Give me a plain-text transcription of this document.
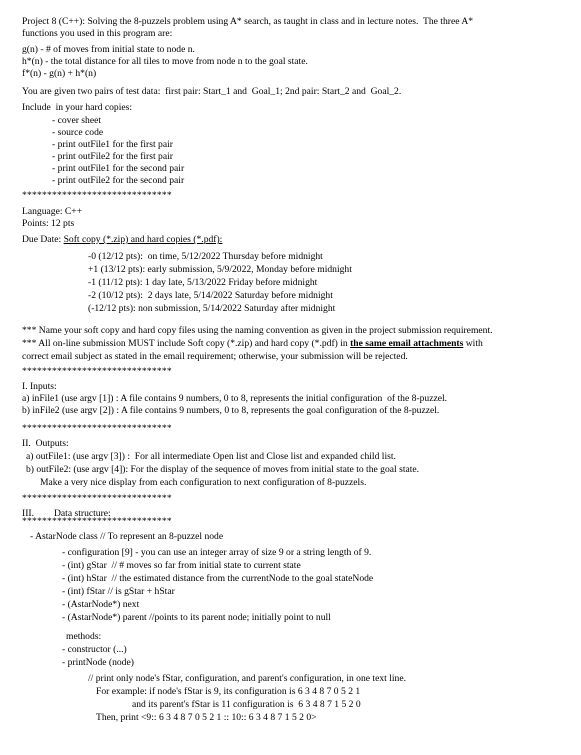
Project 8 (C++): Solving the 8-puzzels problem using A* search, as taught in class and in lecture notes.  The three A*
functions you used in this program are:
g(n) - # of moves from initial state to node n.
h*(n) - the total distance for all tiles to move from node n to the goal state.
f*(n) - g(n) + h*(n)
You are given two pairs of test data:  first pair: Start_1 and  Goal_1; 2nd pair: Start_2 and  Goal_2.
Include  in your hard copies:
- cover sheet
- source code
- print outFile1 for the first pair
- print outFile2 for the first pair
- print outFile1 for the second pair
- print outFile2 for the second pair
******************************
Language: C++
Points: 12 pts
Due Date: Soft copy (*.zip) and hard copies (*.pdf):
-0 (12/12 pts):  on time, 5/12/2022 Thursday before midnight
+1 (13/12 pts): early submission, 5/9/2022, Monday before midnight
-1 (11/12 pts): 1 day late, 5/13/2022 Friday before midnight
-2 (10/12 pts):  2 days late, 5/14/2022 Saturday before midnight
(-12/12 pts): non submission, 5/14/2022 Saturday after midnight
*** Name your soft copy and hard copy files using the naming convention as given in the project submission requirement.
*** All on-line submission MUST include Soft copy (*.zip) and hard copy (*.pdf) in the same email attachments with
correct email subject as stated in the email requirement; otherwise, your submission will be rejected.
******************************
I. Inputs:
a) inFile1 (use argv [1]) : A file contains 9 numbers, 0 to 8, represents the initial configuration  of the 8-puzzel.
b) inFile2 (use argv [2]) : A file contains 9 numbers, 0 to 8, represents the goal configuration of the 8-puzzel.
******************************
II.  Outputs:
a) outFile1: (use argv [3]) :  For all intermediate Open list and Close list and expanded child list.
b) outFile2: (use argv [4]): For the display of the sequence of moves from initial state to the goal state.
Make a very nice display from each configuration to next configuration of 8-puzzels.
******************************
III. Data structure:
******************************
- AstarNode class // To represent an 8-puzzel node
- configuration [9] - you can use an integer array of size 9 or a string length of 9.
- (int) gStar  // # moves so far from initial state to current state
- (int) hStar  // the estimated distance from the currentNode to the goal stateNode
- (int) fStar // is gStar + hStar
- (AstarNode*) next
- (AstarNode*) parent //points to its parent node; initially point to null
methods:
- constructor (...)
- printNode (node)
// print only node's fStar, configuration, and parent's configuration, in one text line.
For example: if node's fStar is 9, its configuration is 6 3 4 8 7 0 5 2 1
and its parent's fStar is 11 configuration is  6 3 4 8 7 1 5 2 0
Then, print <9:: 6 3 4 8 7 0 5 2 1 :: 10:: 6 3 4 8 7 1 5 2 0>
